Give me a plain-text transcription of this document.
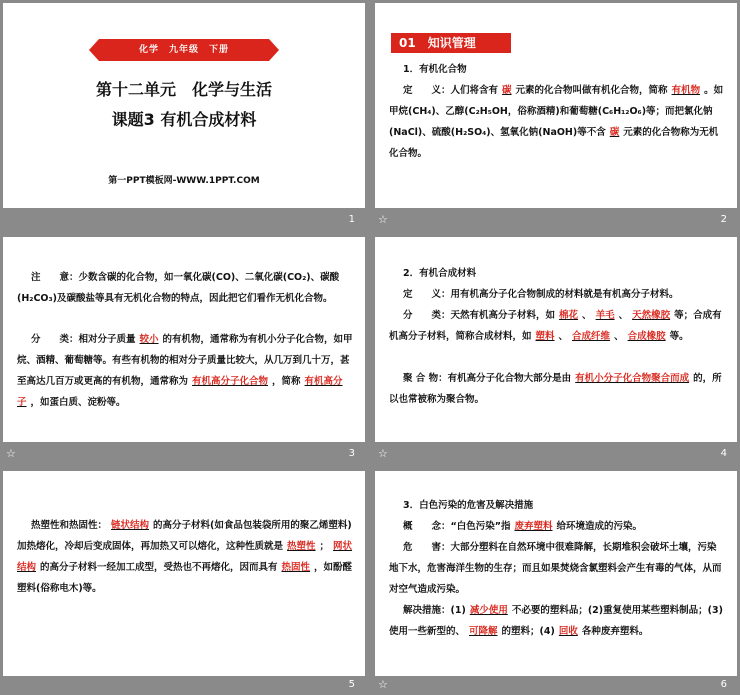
化学　九年级　下册
第十二单元　化学与生活
课题3 有机合成材料
第一PPT模板网-WWW.1PPT.COM
1
01　知识管理
1．有机化合物
定　　义：人们将含有 碳 元素的化合物叫做有机化合物，简称 有机物 。如甲烷(CH₄)、乙醇(C₂H₅OH，俗称酒精)和葡萄糖(C₆H₁₂O₆)等；而把氯化钠(NaCl)、硫酸(H₂SO₄)、氢氧化钠(NaOH)等不含 碳 元素的化合物称为无机化合物。
☆	2
注　　意：少数含碳的化合物，如一氧化碳(CO)、二氧化碳(CO₂)、碳酸(H₂CO₃)及碳酸盐等具有无机化合物的特点，因此把它们看作无机化合物。
分　　类：相对分子质量 较小 的有机物，通常称为有机小分子化合物，如甲烷、酒精、葡萄糖等。有些有机物的相对分子质量比较大，从几万到几十万，甚至高达几百万或更高的有机物，通常称为 有机高分子化合物 ，简称 有机高分子 ，如蛋白质、淀粉等。
☆	3
2．有机合成材料
定　　义：用有机高分子化合物制成的材料就是有机高分子材料。
分　　类：天然有机高分子材料，如 棉花 、 羊毛 、 天然橡胶 等；合成有机高分子材料，简称合成材料，如 塑料 、 合成纤维 、 合成橡胶 等。
聚 合 物：有机高分子化合物大部分是由 有机小分子化合物聚合而成 的，所以也常被称为聚合物。
☆	4
热塑性和热固性： 链状结构 的高分子材料(如食品包装袋所用的聚乙烯塑料)加热熔化，冷却后变成固体，再加热又可以熔化，这种性质就是 热塑性 ； 网状结构 的高分子材料一经加工成型，受热也不再熔化，因而具有 热固性 ，如酚醛塑料(俗称电木)等。
5
3．白色污染的危害及解决措施
概　　念：“白色污染”指 废弃塑料 给环境造成的污染。
危　　害：大部分塑料在自然环境中很难降解，长期堆积会破坏土壤，污染地下水，危害海洋生物的生存；而且如果焚烧含氯塑料会产生有毒的气体，从而对空气造成污染。
解决措施：(1) 减少使用 不必要的塑料品；(2)重复使用某些塑料制品；(3)使用一些新型的、 可降解 的塑料；(4) 回收 各种废弃塑料。
☆	6
